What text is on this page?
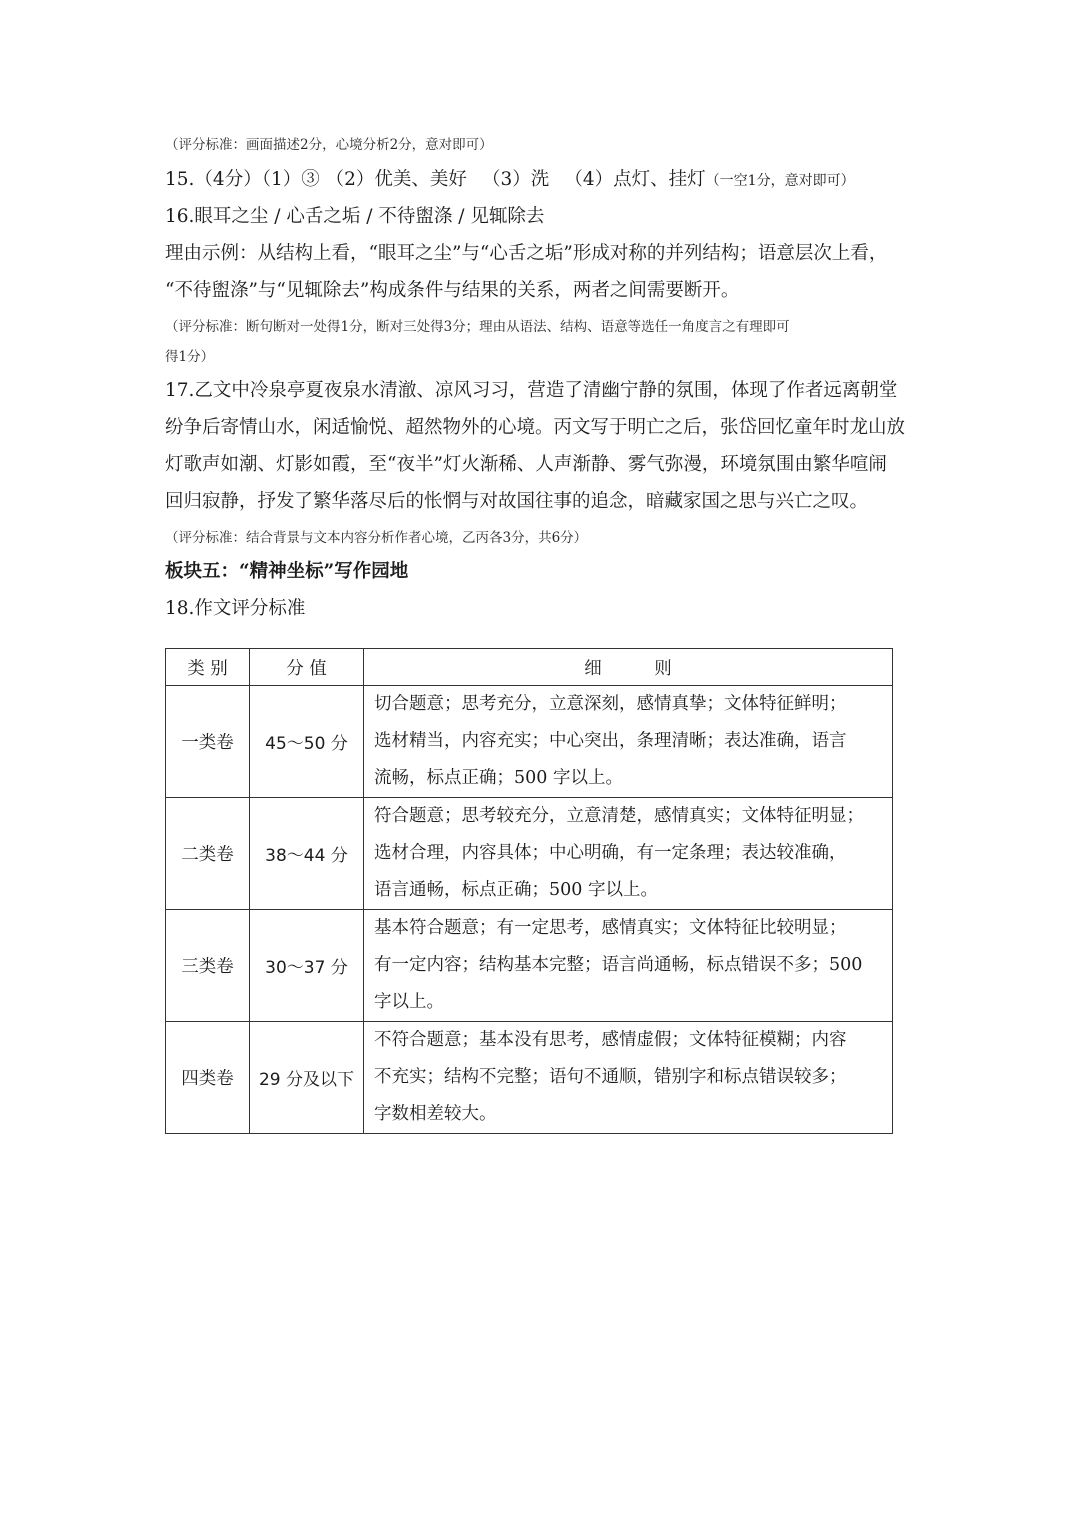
（评分标准：画面描述2分，心境分析2分，意对即可）
15.（4分）（1）③ （2）优美、美好 　（3）洗 　（4）点灯、挂灯（一空1分，意对即可）
16.眼耳之尘 / 心舌之垢 / 不待盥涤 / 见辄除去
理由示例：从结构上看，“眼耳之尘”与“心舌之垢”形成对称的并列结构；语意层次上看，
“不待盥涤”与“见辄除去”构成条件与结果的关系，两者之间需要断开。
（评分标准：断句断对一处得1分，断对三处得3分；理由从语法、结构、语意等选任一角度言之有理即可
得1分）
17.乙文中冷泉亭夏夜泉水清澈、凉风习习，营造了清幽宁静的氛围，体现了作者远离朝堂
纷争后寄情山水，闲适愉悦、超然物外的心境。丙文写于明亡之后，张岱回忆童年时龙山放
灯歌声如潮、灯影如霞，至“夜半”灯火渐稀、人声渐静、雾气弥漫，环境氛围由繁华喧闹
回归寂静，抒发了繁华落尽后的怅惘与对故国往事的追念，暗藏家国之思与兴亡之叹。
（评分标准：结合背景与文本内容分析作者心境，乙丙各3分，共6分）
板块五：“精神坐标”写作园地
18.作文评分标准
类 别	分 值	细　　　则
一类卷	45～50 分	切合题意；思考充分，立意深刻，感情真挚；文体特征鲜明；
选材精当，内容充实；中心突出，条理清晰；表达准确，语言
流畅，标点正确；500 字以上。

二类卷	38～44 分	符合题意；思考较充分，立意清楚，感情真实；文体特征明显；
选材合理，内容具体；中心明确，有一定条理；表达较准确，
语言通畅，标点正确；500 字以上。

三类卷	30～37 分	基本符合题意；有一定思考，感情真实；文体特征比较明显；
有一定内容；结构基本完整；语言尚通畅，标点错误不多；500
字以上。

四类卷	29 分及以下	不符合题意；基本没有思考，感情虚假；文体特征模糊；内容
不充实；结构不完整；语句不通顺，错别字和标点错误较多；
字数相差较大。
